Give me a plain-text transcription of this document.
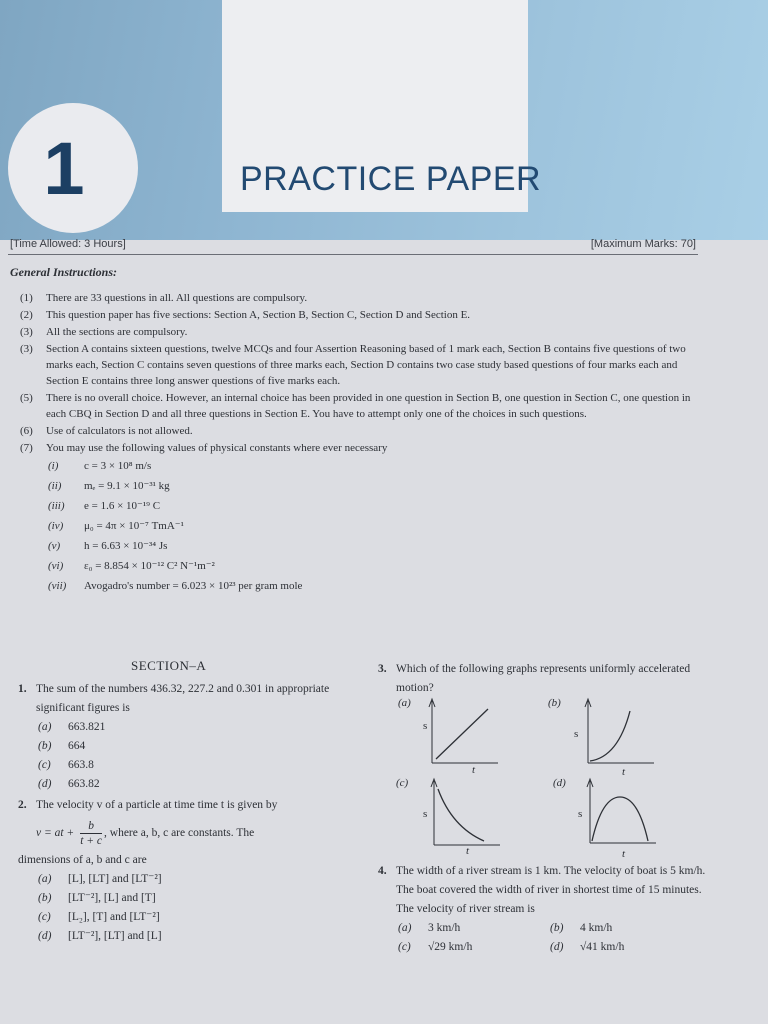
1	PRACTICE PAPER
[Time Allowed: 3 Hours]	[Maximum Marks: 70]
General Instructions:
(1)	There are 33 questions in all. All questions are compulsory.
(2)	This question paper has five sections: Section A, Section B, Section C, Section D and Section E.
(3)	All the sections are compulsory.
(3)	Section A contains sixteen questions, twelve MCQs and four Assertion Reasoning based of 1 mark each, Section B contains five questions of two marks each, Section C contains seven questions of three marks each, Section D contains two case study based questions of four marks each and Section E contains three long answer questions of five marks each.
(5)	There is no overall choice. However, an internal choice has been provided in one question in Section B, one question in Section C, one question in each CBQ in Section D and all three questions in Section E. You have to attempt only one of the choices in such questions.
(6)	Use of calculators is not allowed.
(7)	You may use the following values of physical constants where ever necessary
(i)	c = 3 × 10⁸ m/s
(ii)	mₑ = 9.1 × 10⁻³¹ kg
(iii)	e = 1.6 × 10⁻¹⁹ C
(iv)	μ₀ = 4π × 10⁻⁷ TmA⁻¹
(v)	h = 6.63 × 10⁻³⁴ Js
(vi)	ε₀ = 8.854 × 10⁻¹² C² N⁻¹m⁻²
(vii)	Avogadro's number = 6.023 × 10²³ per gram mole
SECTION–A
1. The sum of the numbers 436.32, 227.2 and 0.301 in appropriate significant figures is
(a)	663.821
(b)	664
(c)	663.8
(d)	663.82
2. The velocity v of a particle at time time t is given by
v = at + $\frac{b}{t + c}$ , where a, b, c are constants. The
dimensions of a, b and c are
(a)	[L], [LT] and [LT⁻²]
(b)	[LT⁻²], [L] and [T]
(c)	[L₂], [T] and [LT⁻²]
(d)	[LT⁻²], [LT] and [L]
3. Which of the following graphs represents uniformly accelerated motion?
(a)
s
t
(b)
s
t
(c)
s
t
(d)
s
t
4. The width of a river stream is 1 km. The velocity of boat is 5 km/h. The boat covered the width of river in shortest time of 15 minutes. The velocity of river stream is
(a)	3 km/h	(b)	4 km/h
(c)	√29 km/h	(d)	√41 km/h
